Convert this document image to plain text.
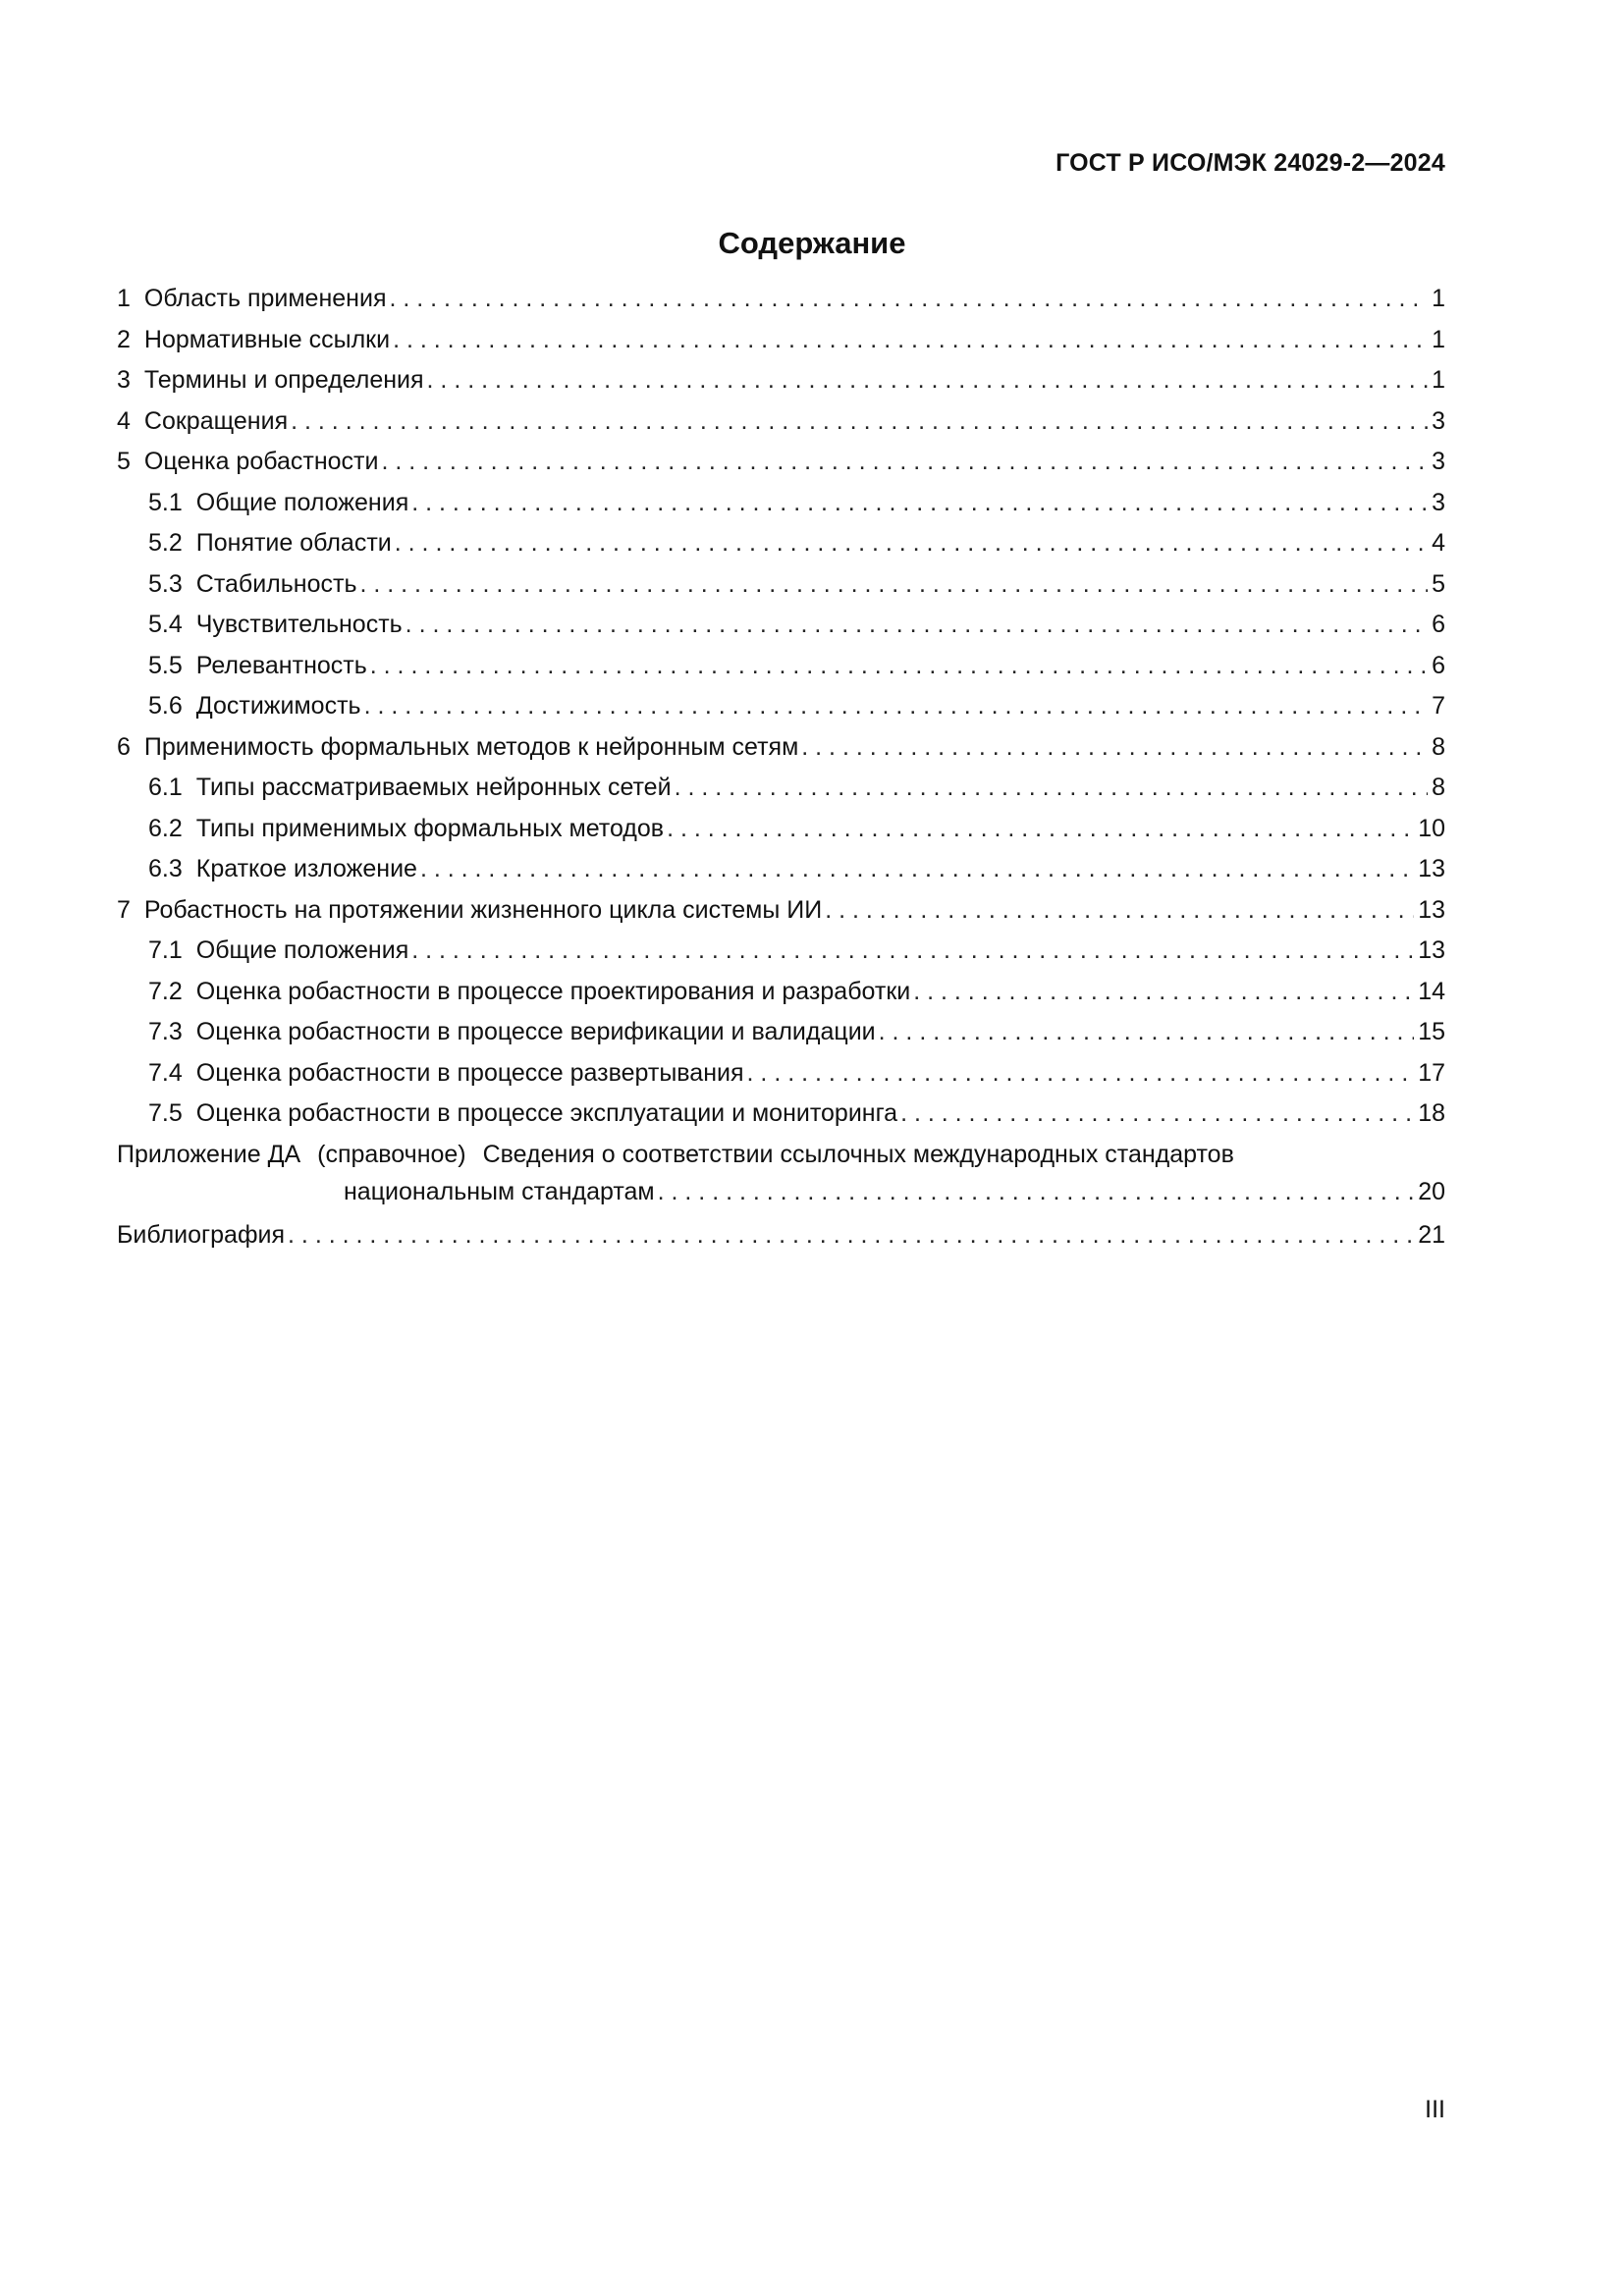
ГОСТ Р ИСО/МЭК 24029-2—2024
Содержание
1 Область применения . . .	1
2 Нормативные ссылки . . .	1
3 Термины и определения . . .	1
4 Сокращения . . .	3
5 Оценка робастности . . .	3
5.1 Общие положения . . .	3
5.2 Понятие области . . .	4
5.3 Стабильность . . .	5
5.4 Чувствительность . . .	6
5.5 Релевантность . . .	6
5.6 Достижимость . . .	7
6 Применимость формальных методов к нейронным сетям . . .	8
6.1 Типы рассматриваемых нейронных сетей . . .	8
6.2 Типы применимых формальных методов . . .	10
6.3 Краткое изложение . . .	13
7 Робастность на протяжении жизненного цикла системы ИИ . . .	13
7.1 Общие положения . . .	13
7.2 Оценка робастности в процессе проектирования и разработки . . .	14
7.3 Оценка робастности в процессе верификации и валидации . . .	15
7.4 Оценка робастности в процессе развертывания . . .	17
7.5 Оценка робастности в процессе эксплуатации и мониторинга . . .	18
Приложение ДА (справочное) Сведения о соответствии ссылочных международных стандартов
национальным стандартам . . .	20
Библиография . . .	21
III
